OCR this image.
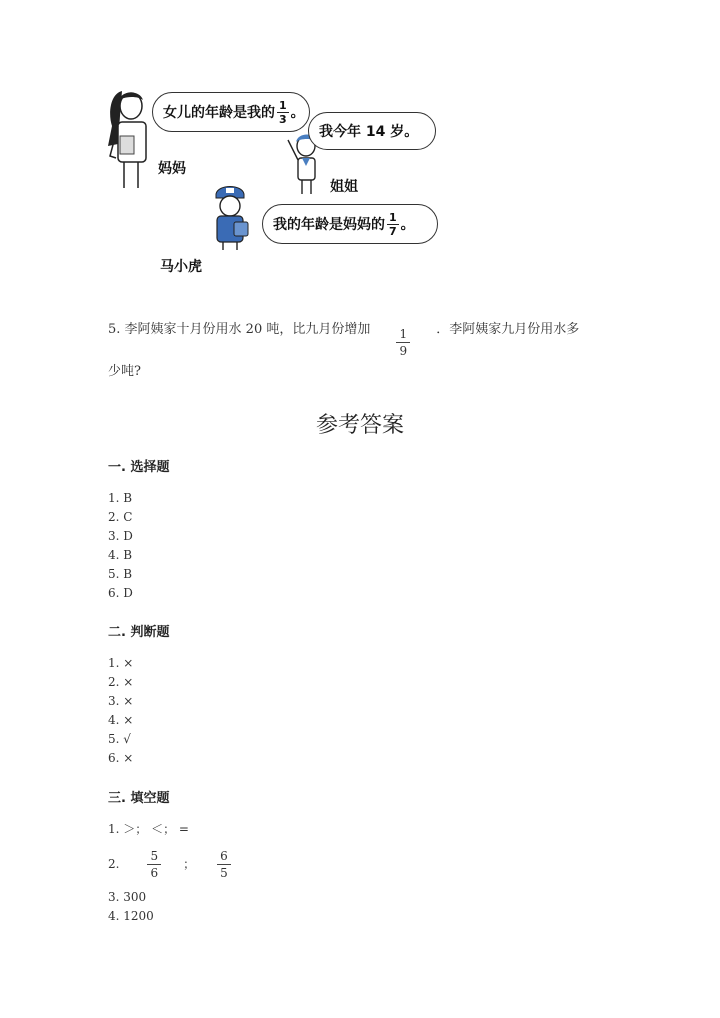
女儿的年龄是我的 $\frac{1}{3}$ 。
妈妈
我今年 14 岁。
姐姐
我的年龄是妈妈的 $\frac{1}{7}$ 。
马小虎
5. 李阿姨家十月份用水 20 吨，比九月份增加 $\frac{1}{9}$ ．李阿姨家九月份用水多
少吨?
参考答案
一. 选择题
1. B
2. C
3. D
4. B
5. B
6. D
二. 判断题
1. ×
2. ×
3. ×
4. ×
5. √
6. ×
三. 填空题
1. ＞； ＜； =
2.
5
6
；
6
5
3. 300
4. 1200
